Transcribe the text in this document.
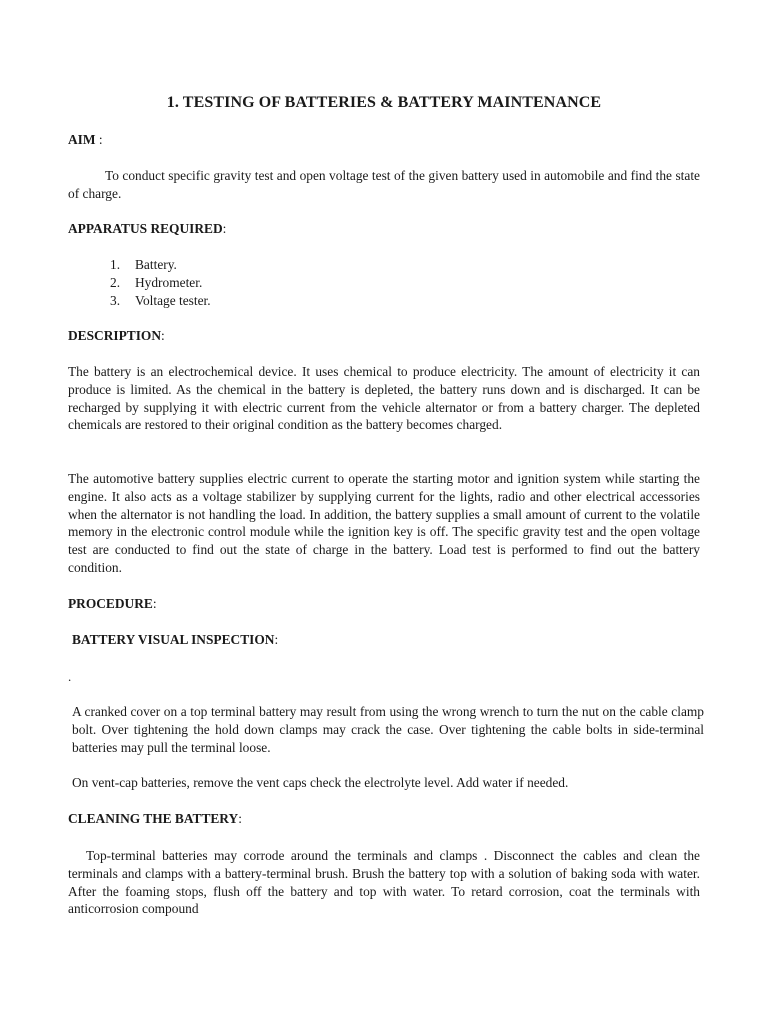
1. TESTING OF BATTERIES & BATTERY MAINTENANCE
AIM :

To conduct specific gravity test and open voltage test of the given battery used in automobile and find the state of charge.

APPARATUS REQUIRED:
1. Battery.
2. Hydrometer.
3. Voltage tester.
DESCRIPTION:

The battery is an electrochemical device. It uses chemical to produce electricity. The amount of electricity it can produce is limited. As the chemical in the battery is depleted, the battery runs down and is discharged. It can be recharged by supplying it with electric current from the vehicle alternator or from a battery charger. The depleted chemicals are restored to their original condition as the battery becomes charged.

The automotive battery supplies electric current to operate the starting motor and ignition system while starting the engine. It also acts as a voltage stabilizer by supplying current for the lights, radio and other electrical accessories when the alternator is not handling the load. In addition, the battery supplies a small amount of current to the volatile memory in the electronic control module while the ignition key is off. The specific gravity test and the open voltage test are conducted to find out the state of charge in the battery. Load test is performed to find out the battery condition.

PROCEDURE:
BATTERY VISUAL INSPECTION:
.

A cranked cover on a top terminal battery may result from using the wrong wrench to turn the nut on the cable clamp bolt. Over tightening the hold down clamps may crack the case. Over tightening the cable bolts in side-terminal batteries may pull the terminal loose.

On vent-cap batteries, remove the vent caps check the electrolyte level. Add water if needed.

CLEANING THE BATTERY:

Top-terminal batteries may corrode around the terminals and clamps . Disconnect the cables and clean the terminals and clamps with a battery-terminal brush. Brush the battery top with a solution of baking soda with water. After the foaming stops, flush off the battery and top with water. To retard corrosion, coat the terminals with anticorrosion compound
